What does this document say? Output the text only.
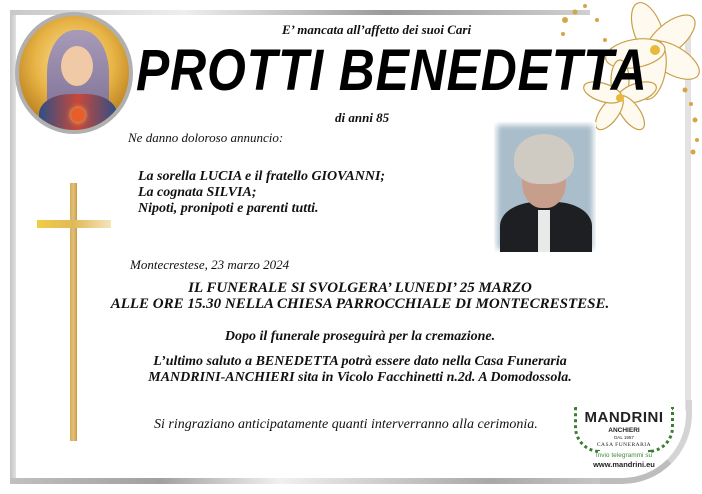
E’ mancata all’affetto dei suoi Cari
PROTTI BENEDETTA
di anni 85
Ne danno doloroso annuncio:
La sorella LUCIA e il fratello GIOVANNI;
La cognata SILVIA;
Nipoti, pronipoti e parenti tutti.
Montecrestese, 23 marzo 2024
IL FUNERALE SI SVOLGERA’ LUNEDI’ 25 MARZO
ALLE ORE 15.30 NELLA CHIESA PARROCCHIALE DI MONTECRESTESE.
Dopo il funerale proseguirà per la cremazione.
L’ultimo saluto a BENEDETTA potrà essere dato nella Casa Funeraria
MANDRINI-ANCHIERI sita in Vicolo Facchinetti n.2d. A Domodossola.
Si ringraziano anticipatamente quanti interverranno alla cerimonia.	MANDRINI
ANCHIERI
DAL 1957
CASA FUNERARIA
Invio telegrammi su
www.mandrini.eu
